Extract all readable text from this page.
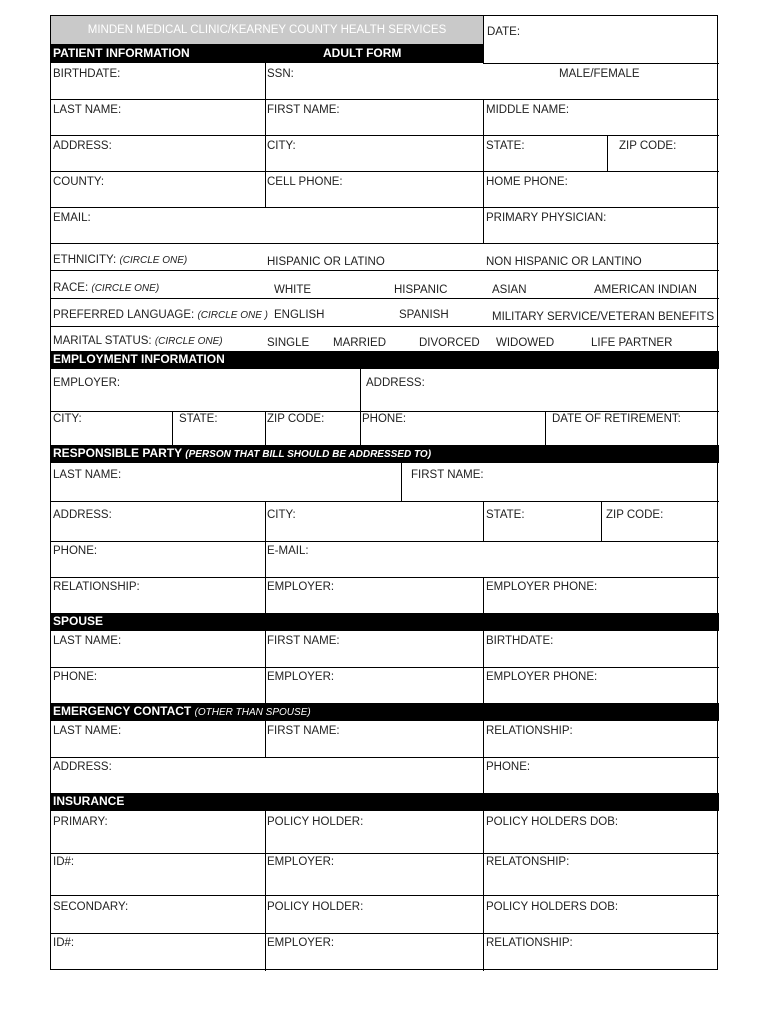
MINDEN MEDICAL CLINIC/KEARNEY COUNTY HEALTH SERVICES	DATE:
PATIENT INFORMATION	ADULT FORM
BIRTHDATE:	SSN:	MALE/FEMALE
LAST NAME:	FIRST NAME:	MIDDLE NAME:
ADDRESS:	CITY:	STATE:	ZIP CODE:
COUNTY:	CELL PHONE:	HOME PHONE:
EMAIL:	PRIMARY PHYSICIAN:
ETHNICITY: (CIRCLE ONE)	HISPANIC OR LATINO	NON HISPANIC OR LANTINO
RACE: (CIRCLE ONE)	WHITE	HISPANIC	ASIAN	AMERICAN INDIAN
PREFERRED LANGUAGE: (CIRCLE ONE ) ENGLISH	SPANISH	MILITARY SERVICE/VETERAN BENEFITS
MARITAL STATUS: (CIRCLE ONE)	SINGLE MARRIED	DIVORCED WIDOWED	LIFE PARTNER
EMPLOYMENT INFORMATION
EMPLOYER:	ADDRESS:
CITY:	STATE:	ZIP CODE:	PHONE:	DATE OF RETIREMENT:
RESPONSIBLE PARTY (PERSON THAT BILL SHOULD BE ADDRESSED TO)
LAST NAME:	FIRST NAME:
ADDRESS:	CITY:	STATE:	ZIP CODE:
PHONE:	E-MAIL:
RELATIONSHIP:	EMPLOYER:	EMPLOYER PHONE:
SPOUSE
LAST NAME:	FIRST NAME:	BIRTHDATE:
PHONE:	EMPLOYER:	EMPLOYER PHONE:
EMERGENCY CONTACT (OTHER THAN SPOUSE)
LAST NAME:	FIRST NAME:	RELATIONSHIP:
ADDRESS:	PHONE:
INSURANCE
PRIMARY:	POLICY HOLDER:	POLICY HOLDERS DOB:
ID#:	EMPLOYER:	RELATONSHIP:
SECONDARY:	POLICY HOLDER:	POLICY HOLDERS DOB:
ID#:	EMPLOYER:	RELATIONSHIP:
